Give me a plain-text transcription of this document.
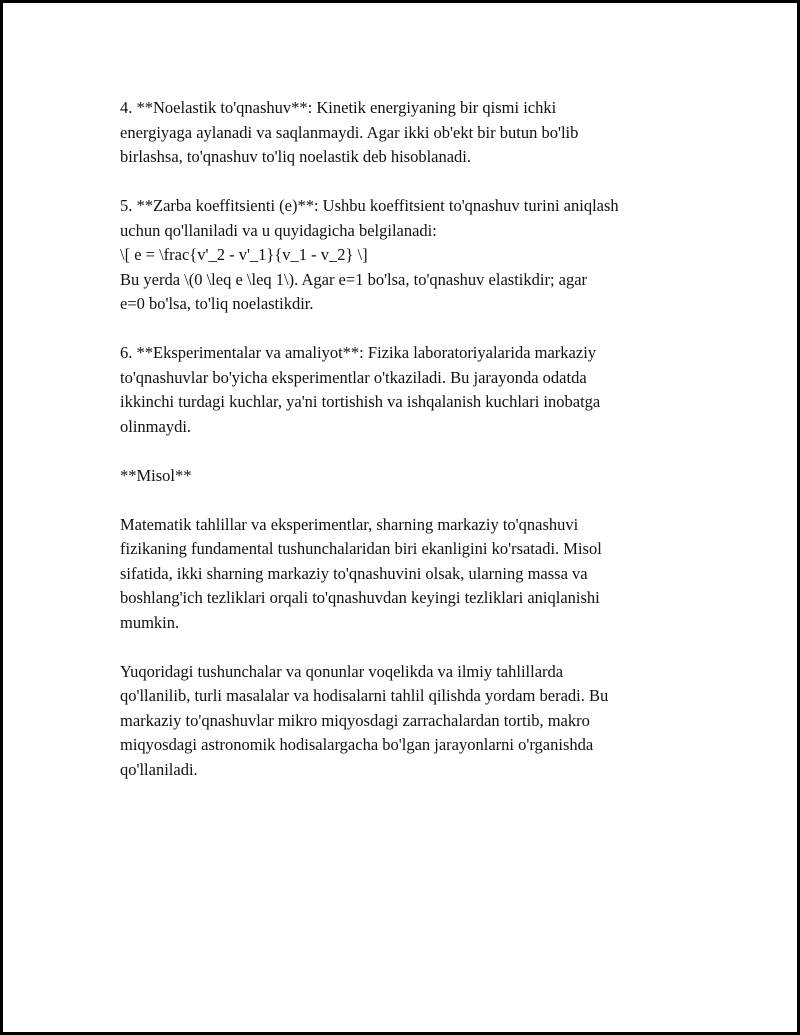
4. **Noelastik to'qnashuv**: Kinetik energiyaning bir qismi ichki
energiyaga aylanadi va saqlanmaydi. Agar ikki ob'ekt bir butun bo'lib
birlashsa, to'qnashuv to'liq noelastik deb hisoblanadi.

5. **Zarba koeffitsienti (e)**: Ushbu koeffitsient to'qnashuv turini aniqlash
uchun qo'llaniladi va u quyidagicha belgilanadi:
\[ e = \frac{v'_2 - v'_1}{v_1 - v_2} \]
Bu yerda \(0 \leq e \leq 1\). Agar e=1 bo'lsa, to'qnashuv elastikdir; agar
e=0 bo'lsa, to'liq noelastikdir.

6. **Eksperimentalar va amaliyot**: Fizika laboratoriyalarida markaziy
to'qnashuvlar bo'yicha eksperimentlar o'tkaziladi. Bu jarayonda odatda
ikkinchi turdagi kuchlar, ya'ni tortishish va ishqalanish kuchlari inobatga
olinmaydi.

**Misol**

Matematik tahlillar va eksperimentlar, sharning markaziy to'qnashuvi
fizikaning fundamental tushunchalaridan biri ekanligini ko'rsatadi. Misol
sifatida, ikki sharning markaziy to'qnashuvini olsak, ularning massa va
boshlang'ich tezliklari orqali to'qnashuvdan keyingi tezliklari aniqlanishi
mumkin.

Yuqoridagi tushunchalar va qonunlar voqelikda va ilmiy tahlillarda
qo'llanilib, turli masalalar va hodisalarni tahlil qilishda yordam beradi. Bu
markaziy to'qnashuvlar mikro miqyosdagi zarrachalardan tortib, makro
miqyosdagi astronomik hodisalargacha bo'lgan jarayonlarni o'rganishda
qo'llaniladi.
